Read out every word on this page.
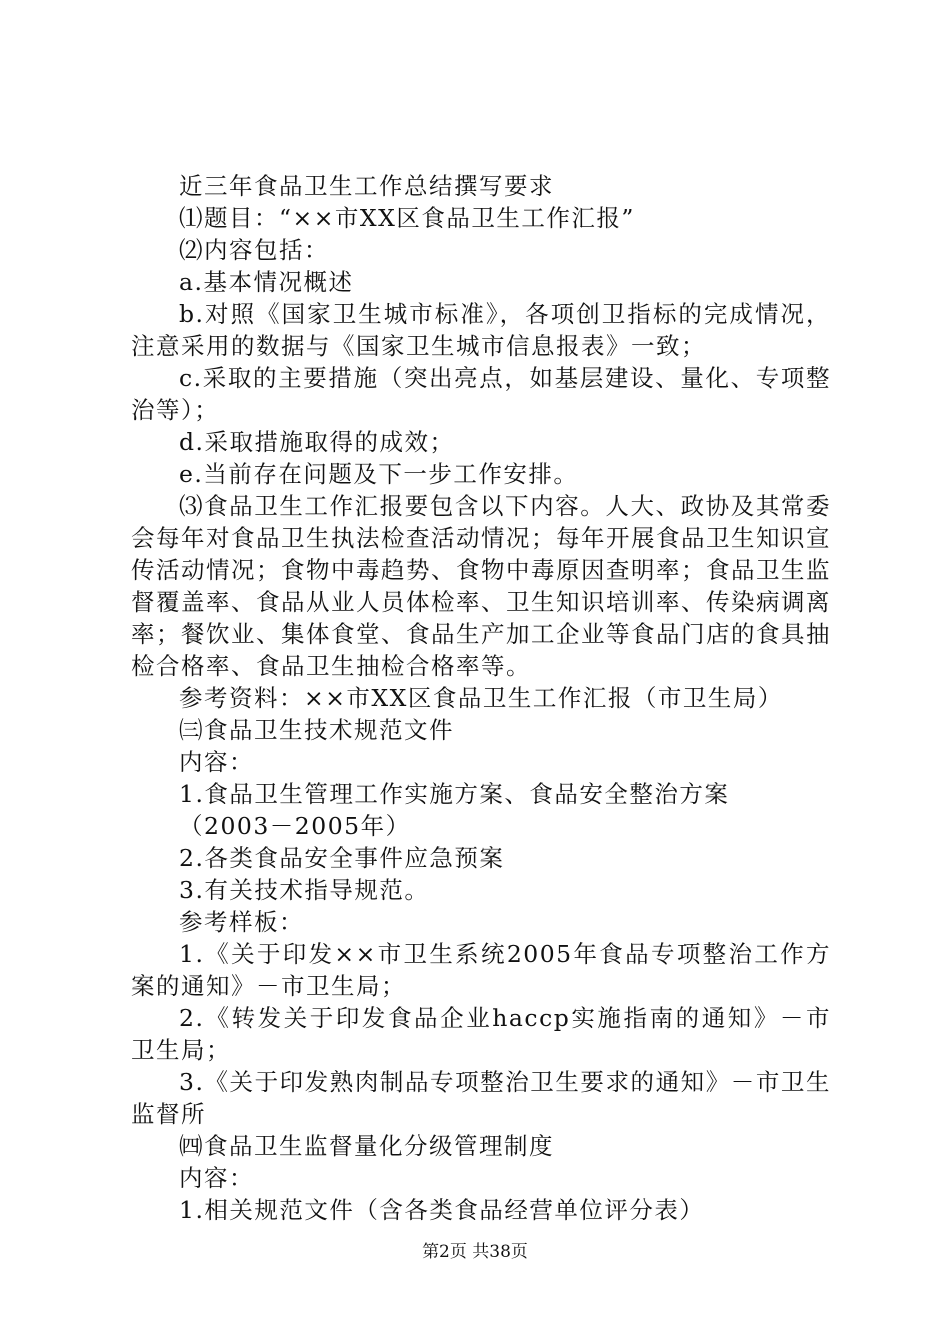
近三年食品卫生工作总结撰写要求

⑴题目：“××市XX区食品卫生工作汇报”

⑵内容包括：

a.基本情况概述

b.对照《国家卫生城市标准》，各项创卫指标的完成情况，注意采用的数据与《国家卫生城市信息报表》一致；

c.采取的主要措施（突出亮点，如基层建设、量化、专项整治等）；

d.采取措施取得的成效；

e.当前存在问题及下一步工作安排。

⑶食品卫生工作汇报要包含以下内容。人大、政协及其常委会每年对食品卫生执法检查活动情况；每年开展食品卫生知识宣传活动情况；食物中毒趋势、食物中毒原因查明率；食品卫生监督覆盖率、食品从业人员体检率、卫生知识培训率、传染病调离率；餐饮业、集体食堂、食品生产加工企业等食品门店的食具抽检合格率、食品卫生抽检合格率等。

参考资料：××市XX区食品卫生工作汇报（市卫生局）

㈢食品卫生技术规范文件

内容：

1.食品卫生管理工作实施方案、食品安全整治方案

（2003－2005年）

2.各类食品安全事件应急预案

3.有关技术指导规范。

参考样板：

1.《关于印发××市卫生系统2005年食品专项整治工作方案的通知》－市卫生局；

2.《转发关于印发食品企业haccp实施指南的通知》－市卫生局；

3.《关于印发熟肉制品专项整治卫生要求的通知》－市卫生监督所

㈣食品卫生监督量化分级管理制度

内容：

1.相关规范文件（含各类食品经营单位评分表）

第2页 共38页
